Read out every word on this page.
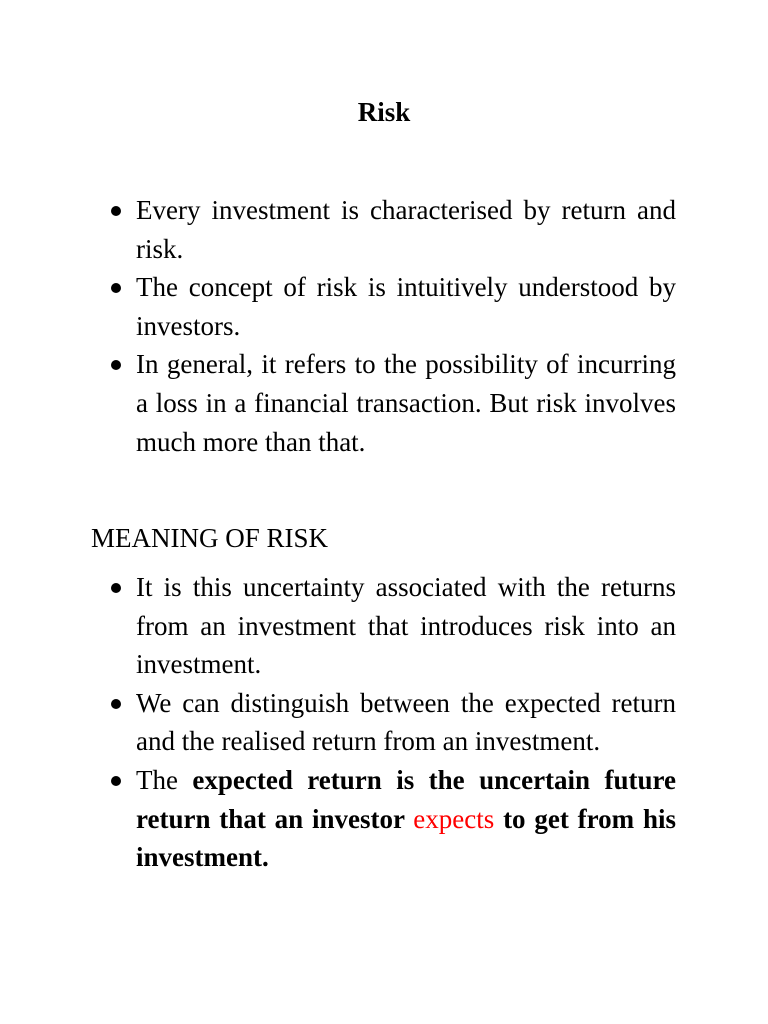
Risk
Every investment is characterised by return and risk.
The concept of risk is intuitively understood by investors.
In general, it refers to the possibility of incurring a loss in a financial transaction. But risk involves much more than that.
MEANING OF RISK
It is this uncertainty associated with the returns from an investment that introduces risk into an investment.
We can distinguish between the expected return and the realised return from an investment.
The expected return is the uncertain future return that an investor expects to get from his investment.
